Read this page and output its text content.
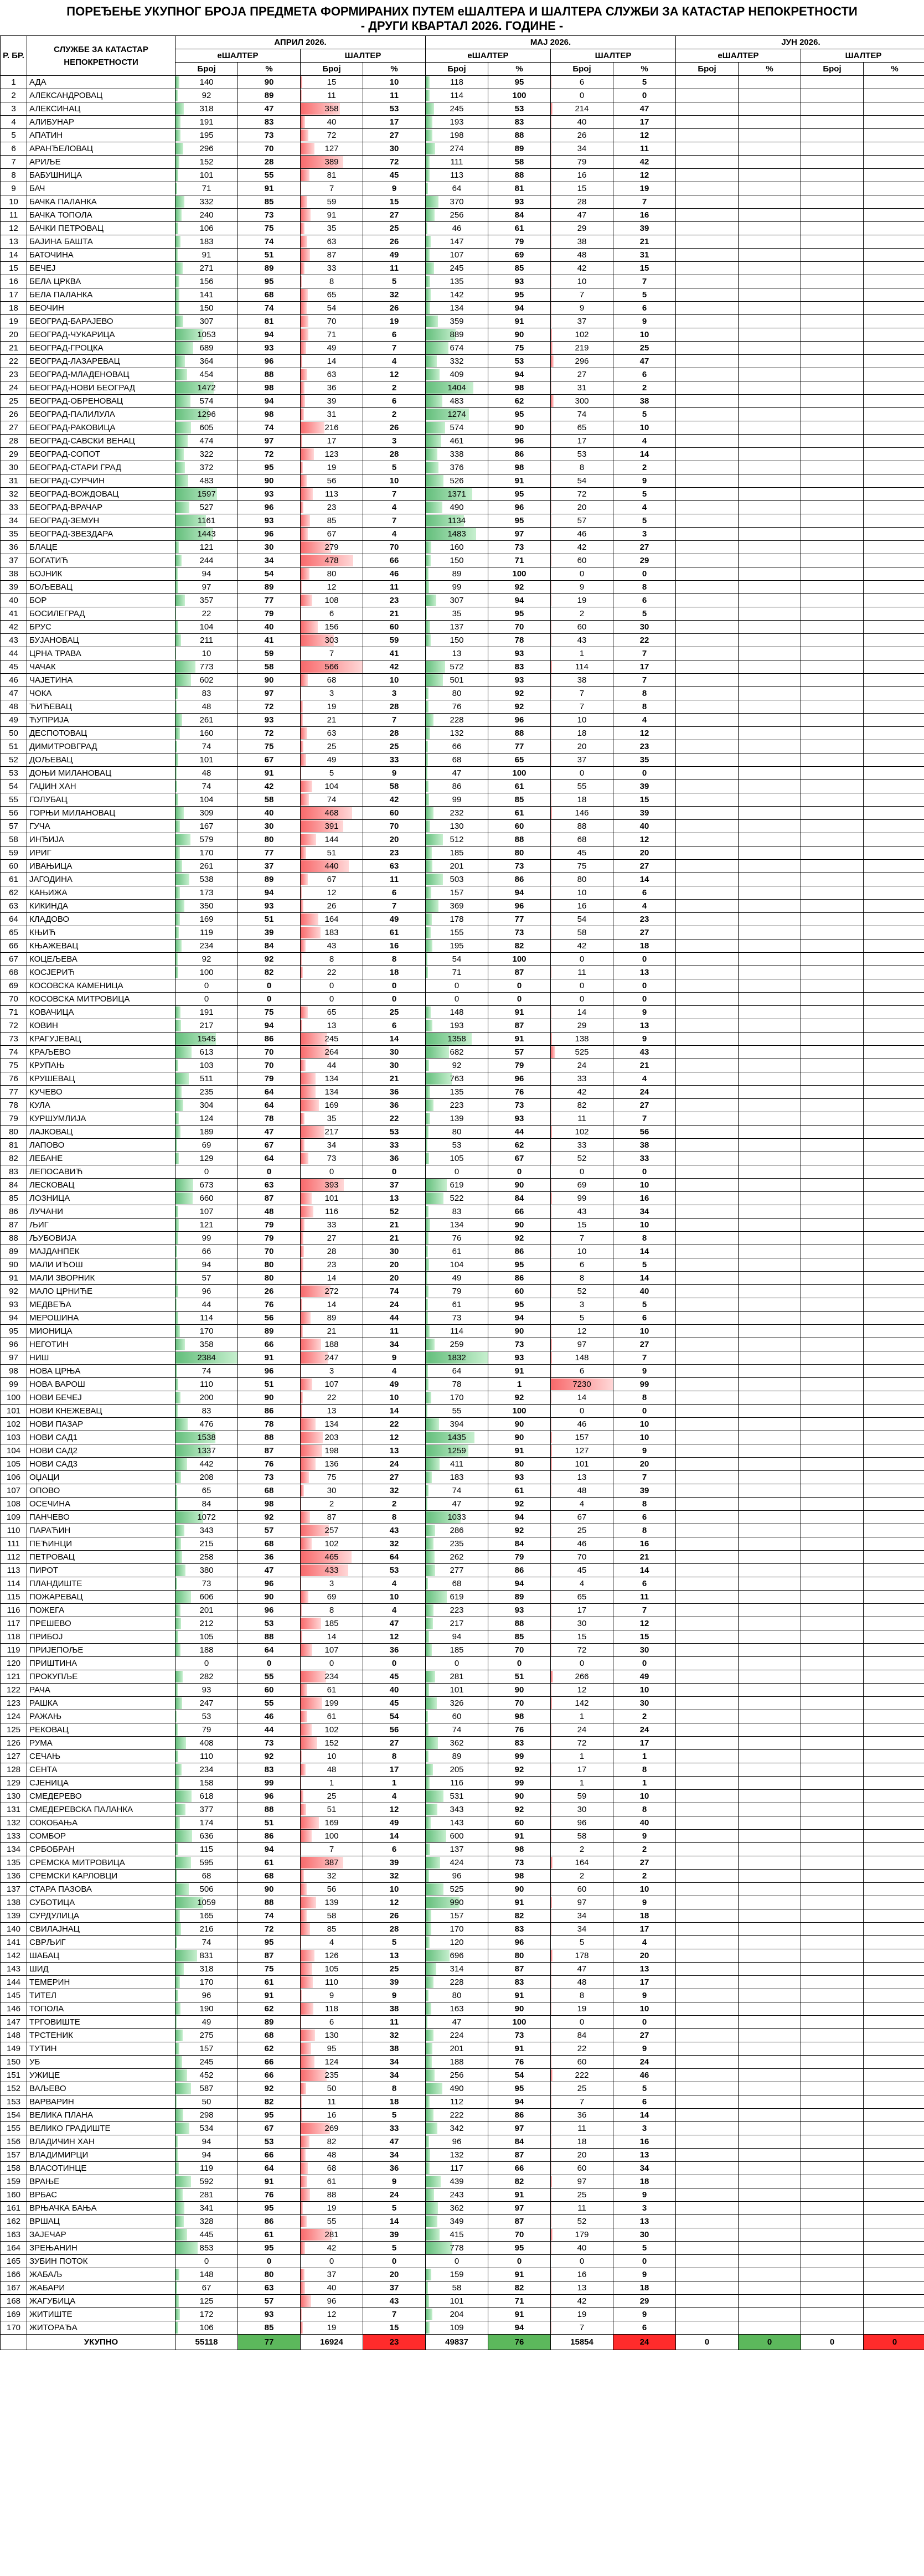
ПОРЕЂЕЊЕ УКУПНОГ БРОЈА ПРЕДМЕТА ФОРМИРАНИХ ПУТЕМ еШАЛТЕРА И ШАЛТЕРА СЛУЖБИ ЗА КАТАСТАР НЕПОКРЕТНОСТИ
- ДРУГИ КВАРТАЛ 2026. ГОДИНЕ -
Р. БР.	СЛУЖБЕ ЗА КАТАСТАР НЕПОКРЕТНОСТИ	АПРИЛ 2026.				МАЈ 2026.				ЈУН 2026.			
		еШАЛТЕР		ШАЛТЕР		еШАЛТЕР		ШАЛТЕР		еШАЛТЕР		ШАЛТЕР	
		Број	%	Број	%	Број	%	Број	%	Број	%	Број	%
1	АДА	140	90	15	10	118	95	6	5				
2	АЛЕКСАНДРОВАЦ	92	89	11	11	114	100	0	0				
3	АЛЕКСИНАЦ	318	47	358	53	245	53	214	47				
4	АЛИБУНАР	191	83	40	17	193	83	40	17				
5	АПАТИН	195	73	72	27	198	88	26	12				
6	АРАНЂЕЛОВАЦ	296	70	127	30	274	89	34	11				
7	АРИЉЕ	152	28	389	72	111	58	79	42				
8	БАБУШНИЦА	101	55	81	45	113	88	16	12				
9	БАЧ	71	91	7	9	64	81	15	19				
10	БАЧКА ПАЛАНКА	332	85	59	15	370	93	28	7				
11	БАЧКА ТОПОЛА	240	73	91	27	256	84	47	16				
12	БАЧКИ ПЕТРОВАЦ	106	75	35	25	46	61	29	39				
13	БАЈИНА БАШТА	183	74	63	26	147	79	38	21				
14	БАТОЧИНА	91	51	87	49	107	69	48	31				
15	БЕЧЕЈ	271	89	33	11	245	85	42	15				
16	БЕЛА ЦРКВА	156	95	8	5	135	93	10	7				
17	БЕЛА ПАЛАНКА	141	68	65	32	142	95	7	5				
18	БЕОЧИН	150	74	54	26	134	94	9	6				
19	БЕОГРАД-БАРАЈЕВО	307	81	70	19	359	91	37	9				
20	БЕОГРАД-ЧУКАРИЦА	1053	94	71	6	889	90	102	10				
21	БЕОГРАД-ГРОЦКА	689	93	49	7	674	75	219	25				
22	БЕОГРАД-ЛАЗАРЕВАЦ	364	96	14	4	332	53	296	47				
23	БЕОГРАД-МЛАДЕНОВАЦ	454	88	63	12	409	94	27	6				
24	БЕОГРАД-НОВИ БЕОГРАД	1472	98	36	2	1404	98	31	2				
25	БЕОГРАД-ОБРЕНОВАЦ	574	94	39	6	483	62	300	38				
26	БЕОГРАД-ПАЛИЛУЛА	1296	98	31	2	1274	95	74	5				
27	БЕОГРАД-РАКОВИЦА	605	74	216	26	574	90	65	10				
28	БЕОГРАД-САВСКИ ВЕНАЦ	474	97	17	3	461	96	17	4				
29	БЕОГРАД-СОПОТ	322	72	123	28	338	86	53	14				
30	БЕОГРАД-СТАРИ ГРАД	372	95	19	5	376	98	8	2				
31	БЕОГРАД-СУРЧИН	483	90	56	10	526	91	54	9				
32	БЕОГРАД-ВОЖДОВАЦ	1597	93	113	7	1371	95	72	5				
33	БЕОГРАД-ВРАЧАР	527	96	23	4	490	96	20	4				
34	БЕОГРАД-ЗЕМУН	1161	93	85	7	1134	95	57	5				
35	БЕОГРАД-ЗВЕЗДАРА	1443	96	67	4	1483	97	46	3				
36	БЛАЦЕ	121	30	279	70	160	73	42	27				
37	БОГАТИЋ	244	34	478	66	150	71	60	29				
38	БОЈНИК	94	54	80	46	89	100	0	0				
39	БОЉЕВАЦ	97	89	12	11	99	92	9	8				
40	БОР	357	77	108	23	307	94	19	6				
41	БОСИЛЕГРАД	22	79	6	21	35	95	2	5				
42	БРУС	104	40	156	60	137	70	60	30				
43	БУЈАНОВАЦ	211	41	303	59	150	78	43	22				
44	ЦРНА ТРАВА	10	59	7	41	13	93	1	7				
45	ЧАЧАК	773	58	566	42	572	83	114	17				
46	ЧАЈЕТИНА	602	90	68	10	501	93	38	7				
47	ЧОКА	83	97	3	3	80	92	7	8				
48	ЋИЋЕВАЦ	48	72	19	28	76	92	7	8				
49	ЋУПРИЈА	261	93	21	7	228	96	10	4				
50	ДЕСПОТОВАЦ	160	72	63	28	132	88	18	12				
51	ДИМИТРОВГРАД	74	75	25	25	66	77	20	23				
52	ДОЉЕВАЦ	101	67	49	33	68	65	37	35				
53	ДОЊИ МИЛАНОВАЦ	48	91	5	9	47	100	0	0				
54	ГАЏИН ХАН	74	42	104	58	86	61	55	39				
55	ГОЛУБАЦ	104	58	74	42	99	85	18	15				
56	ГОРЊИ МИЛАНОВАЦ	309	40	468	60	232	61	146	39				
57	ГУЧА	167	30	391	70	130	60	88	40				
58	ИНЂИЈА	579	80	144	20	512	88	68	12				
59	ИРИГ	170	77	51	23	185	80	45	20				
60	ИВАЊИЦА	261	37	440	63	201	73	75	27				
61	ЈАГОДИНА	538	89	67	11	503	86	80	14				
62	КАЊИЖА	173	94	12	6	157	94	10	6				
63	КИКИНДА	350	93	26	7	369	96	16	4				
64	КЛАДОВО	169	51	164	49	178	77	54	23				
65	КЊИЋ	119	39	183	61	155	73	58	27				
66	КЊАЖЕВАЦ	234	84	43	16	195	82	42	18				
67	КОЦЕЉЕВА	92	92	8	8	54	100	0	0				
68	КОСЈЕРИЋ	100	82	22	18	71	87	11	13				
69	КОСОВСКА КАМЕНИЦА	0	0	0	0	0	0	0	0				
70	КОСОВСКА МИТРОВИЦА	0	0	0	0	0	0	0	0				
71	КОВАЧИЦА	191	75	65	25	148	91	14	9				
72	КОВИН	217	94	13	6	193	87	29	13				
73	КРАГУЈЕВАЦ	1545	86	245	14	1358	91	138	9				
74	КРАЉЕВО	613	70	264	30	682	57	525	43				
75	КРУПАЊ	103	70	44	30	92	79	24	21				
76	КРУШЕВАЦ	511	79	134	21	763	96	33	4				
77	КУЧЕВО	235	64	134	36	135	76	42	24				
78	КУЛА	304	64	169	36	223	73	82	27				
79	КУРШУМЛИЈА	124	78	35	22	139	93	11	7				
80	ЛАЈКОВАЦ	189	47	217	53	80	44	102	56				
81	ЛАПОВО	69	67	34	33	53	62	33	38				
82	ЛЕБАНЕ	129	64	73	36	105	67	52	33				
83	ЛЕПОСАВИЋ	0	0	0	0	0	0	0	0				
84	ЛЕСКОВАЦ	673	63	393	37	619	90	69	10				
85	ЛОЗНИЦА	660	87	101	13	522	84	99	16				
86	ЛУЧАНИ	107	48	116	52	83	66	43	34				
87	ЉИГ	121	79	33	21	134	90	15	10				
88	ЉУБОВИЈА	99	79	27	21	76	92	7	8				
89	МАЈДАНПЕК	66	70	28	30	61	86	10	14				
90	МАЛИ ИЂОШ	94	80	23	20	104	95	6	5				
91	МАЛИ ЗВОРНИК	57	80	14	20	49	86	8	14				
92	МАЛО ЦРНИЋЕ	96	26	272	74	79	60	52	40				
93	МЕДВЕЂА	44	76	14	24	61	95	3	5				
94	МЕРОШИНА	114	56	89	44	73	94	5	6				
95	МИОНИЦА	170	89	21	11	114	90	12	10				
96	НЕГОТИН	358	66	188	34	259	73	97	27				
97	НИШ	2384	91	247	9	1832	93	148	7				
98	НОВА ЦРЊА	74	96	3	4	64	91	6	9				
99	НОВА ВАРОШ	110	51	107	49	78	1	7230	99				
100	НОВИ БЕЧЕЈ	200	90	22	10	170	92	14	8				
101	НОВИ КНЕЖЕВАЦ	83	86	13	14	55	100	0	0				
102	НОВИ ПАЗАР	476	78	134	22	394	90	46	10				
103	НОВИ САД1	1538	88	203	12	1435	90	157	10				
104	НОВИ САД2	1337	87	198	13	1259	91	127	9				
105	НОВИ САД3	442	76	136	24	411	80	101	20				
106	ОЏАЦИ	208	73	75	27	183	93	13	7				
107	ОПОВО	65	68	30	32	74	61	48	39				
108	ОСЕЧИНА	84	98	2	2	47	92	4	8				
109	ПАНЧЕВО	1072	92	87	8	1033	94	67	6				
110	ПАРАЋИН	343	57	257	43	286	92	25	8				
111	ПЕЋИНЦИ	215	68	102	32	235	84	46	16				
112	ПЕТРОВАЦ	258	36	465	64	262	79	70	21				
113	ПИРОТ	380	47	433	53	277	86	45	14				
114	ПЛАНДИШТЕ	73	96	3	4	68	94	4	6				
115	ПОЖАРЕВАЦ	606	90	69	10	619	89	65	11				
116	ПОЖЕГА	201	96	8	4	223	93	17	7				
117	ПРЕШЕВО	212	53	185	47	217	88	30	12				
118	ПРИБОЈ	105	88	14	12	94	85	15	15				
119	ПРИЈЕПОЉЕ	188	64	107	36	185	70	72	30				
120	ПРИШТИНА	0	0	0	0	0	0	0	0				
121	ПРОКУПЉЕ	282	55	234	45	281	51	266	49				
122	РАЧА	93	60	61	40	101	90	12	10				
123	РАШКА	247	55	199	45	326	70	142	30				
124	РАЖАЊ	53	46	61	54	60	98	1	2				
125	РЕКОВАЦ	79	44	102	56	74	76	24	24				
126	РУМА	408	73	152	27	362	83	72	17				
127	СЕЧАЊ	110	92	10	8	89	99	1	1				
128	СЕНТА	234	83	48	17	205	92	17	8				
129	СЈЕНИЦА	158	99	1	1	116	99	1	1				
130	СМЕДЕРЕВО	618	96	25	4	531	90	59	10				
131	СМЕДЕРЕВСКА ПАЛАНКА	377	88	51	12	343	92	30	8				
132	СОКОБАЊА	174	51	169	49	143	60	96	40				
133	СОМБОР	636	86	100	14	600	91	58	9				
134	СРБОБРАН	115	94	7	6	137	98	2	2				
135	СРЕМСКА МИТРОВИЦА	595	61	387	39	424	73	164	27				
136	СРЕМСКИ КАРЛОВЦИ	68	68	32	32	96	98	2	2				
137	СТАРА ПАЗОВА	506	90	56	10	525	90	60	10				
138	СУБОТИЦА	1059	88	139	12	990	91	97	9				
139	СУРДУЛИЦА	165	74	58	26	157	82	34	18				
140	СВИЛАЈНАЦ	216	72	85	28	170	83	34	17				
141	СВРЉИГ	74	95	4	5	120	96	5	4				
142	ШАБАЦ	831	87	126	13	696	80	178	20				
143	ШИД	318	75	105	25	314	87	47	13				
144	ТЕМЕРИН	170	61	110	39	228	83	48	17				
145	ТИТЕЛ	96	91	9	9	80	91	8	9				
146	ТОПОЛА	190	62	118	38	163	90	19	10				
147	ТРГОВИШТЕ	49	89	6	11	47	100	0	0				
148	ТРСТЕНИК	275	68	130	32	224	73	84	27				
149	ТУТИН	157	62	95	38	201	91	22	9				
150	УБ	245	66	124	34	188	76	60	24				
151	УЖИЦЕ	452	66	235	34	256	54	222	46				
152	ВАЉЕВО	587	92	50	8	490	95	25	5				
153	ВАРВАРИН	50	82	11	18	112	94	7	6				
154	ВЕЛИКА ПЛАНА	298	95	16	5	222	86	36	14				
155	ВЕЛИКО ГРАДИШТЕ	534	67	269	33	342	97	11	3				
156	ВЛАДИЧИН ХАН	94	53	82	47	96	84	18	16				
157	ВЛАДИМИРЦИ	94	66	48	34	132	87	20	13				
158	ВЛАСОТИНЦЕ	119	64	68	36	117	66	60	34				
159	ВРАЊЕ	592	91	61	9	439	82	97	18				
160	ВРБАС	281	76	88	24	243	91	25	9				
161	ВРЊАЧКА БАЊА	341	95	19	5	362	97	11	3				
162	ВРШАЦ	328	86	55	14	349	87	52	13				
163	ЗАЈЕЧАР	445	61	281	39	415	70	179	30				
164	ЗРЕЊАНИН	853	95	42	5	778	95	40	5				
165	ЗУБИН ПОТОК	0	0	0	0	0	0	0	0				
166	ЖАБАЉ	148	80	37	20	159	91	16	9				
167	ЖАБАРИ	67	63	40	37	58	82	13	18				
168	ЖАГУБИЦА	125	57	96	43	101	71	42	29				
169	ЖИТИШТЕ	172	93	12	7	204	91	19	9				
170	ЖИТОРАЂА	106	85	19	15	109	94	7	6				
	УКУПНО	55118	77	16924	23	49837	76	15854	24	0	0	0	0
